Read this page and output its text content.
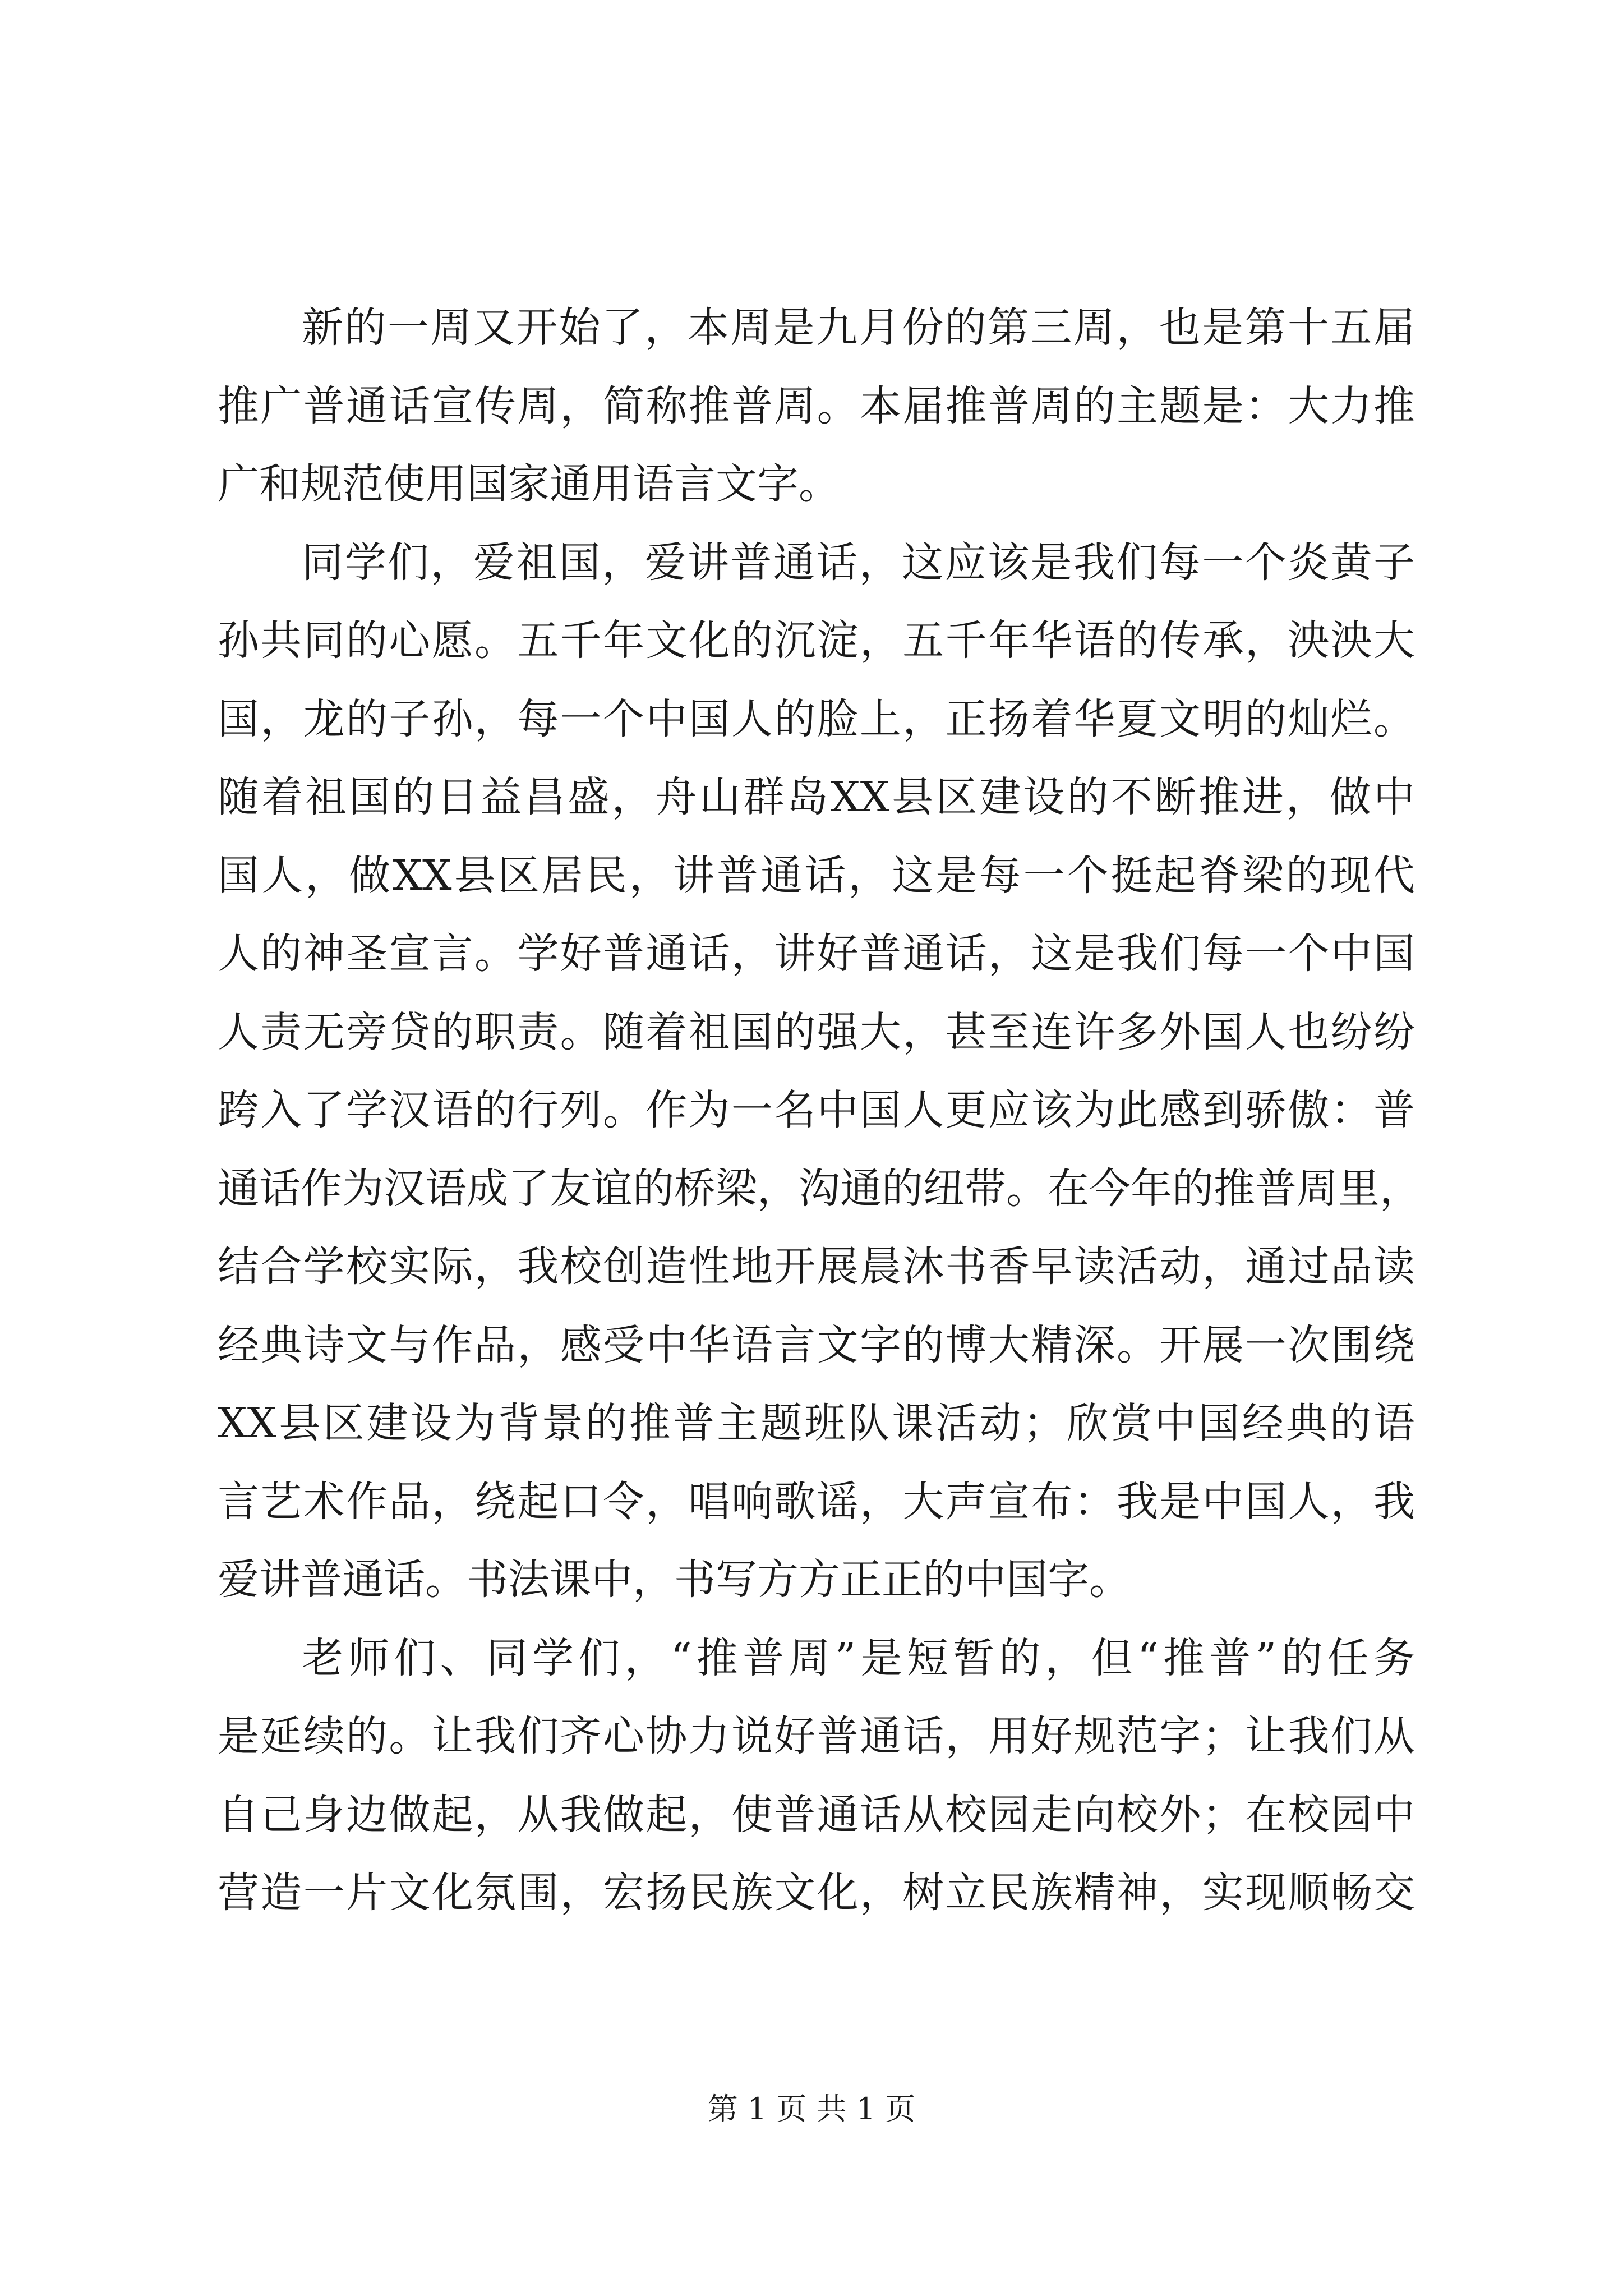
新的一周又开始了，本周是九月份的第三周，也是第十五届
推广普通话宣传周，简称推普周。本届推普周的主题是：大力推
广和规范使用国家通用语言文字。
同学们，爱祖国，爱讲普通话，这应该是我们每一个炎黄子
孙共同的心愿。五千年文化的沉淀，五千年华语的传承，泱泱大
国，龙的子孙，每一个中国人的脸上，正扬着华夏文明的灿烂。
随着祖国的日益昌盛，舟山群岛XX县区建设的不断推进，做中
国人，做XX县区居民，讲普通话，这是每一个挺起脊梁的现代
人的神圣宣言。学好普通话，讲好普通话，这是我们每一个中国
人责无旁贷的职责。随着祖国的强大，甚至连许多外国人也纷纷
跨入了学汉语的行列。作为一名中国人更应该为此感到骄傲：普
通话作为汉语成了友谊的桥梁，沟通的纽带。在今年的推普周里，
结合学校实际，我校创造性地开展晨沐书香早读活动，通过品读
经典诗文与作品，感受中华语言文字的博大精深。开展一次围绕
XX县区建设为背景的推普主题班队课活动；欣赏中国经典的语
言艺术作品，绕起口令，唱响歌谣，大声宣布：我是中国人，我
爱讲普通话。书法课中，书写方方正正的中国字。
老师们、同学们，“推普周”是短暂的，但“推普”的任务
是延续的。让我们齐心协力说好普通话，用好规范字；让我们从
自己身边做起，从我做起，使普通话从校园走向校外；在校园中
营造一片文化氛围，宏扬民族文化，树立民族精神，实现顺畅交
第 1 页 共 1 页
